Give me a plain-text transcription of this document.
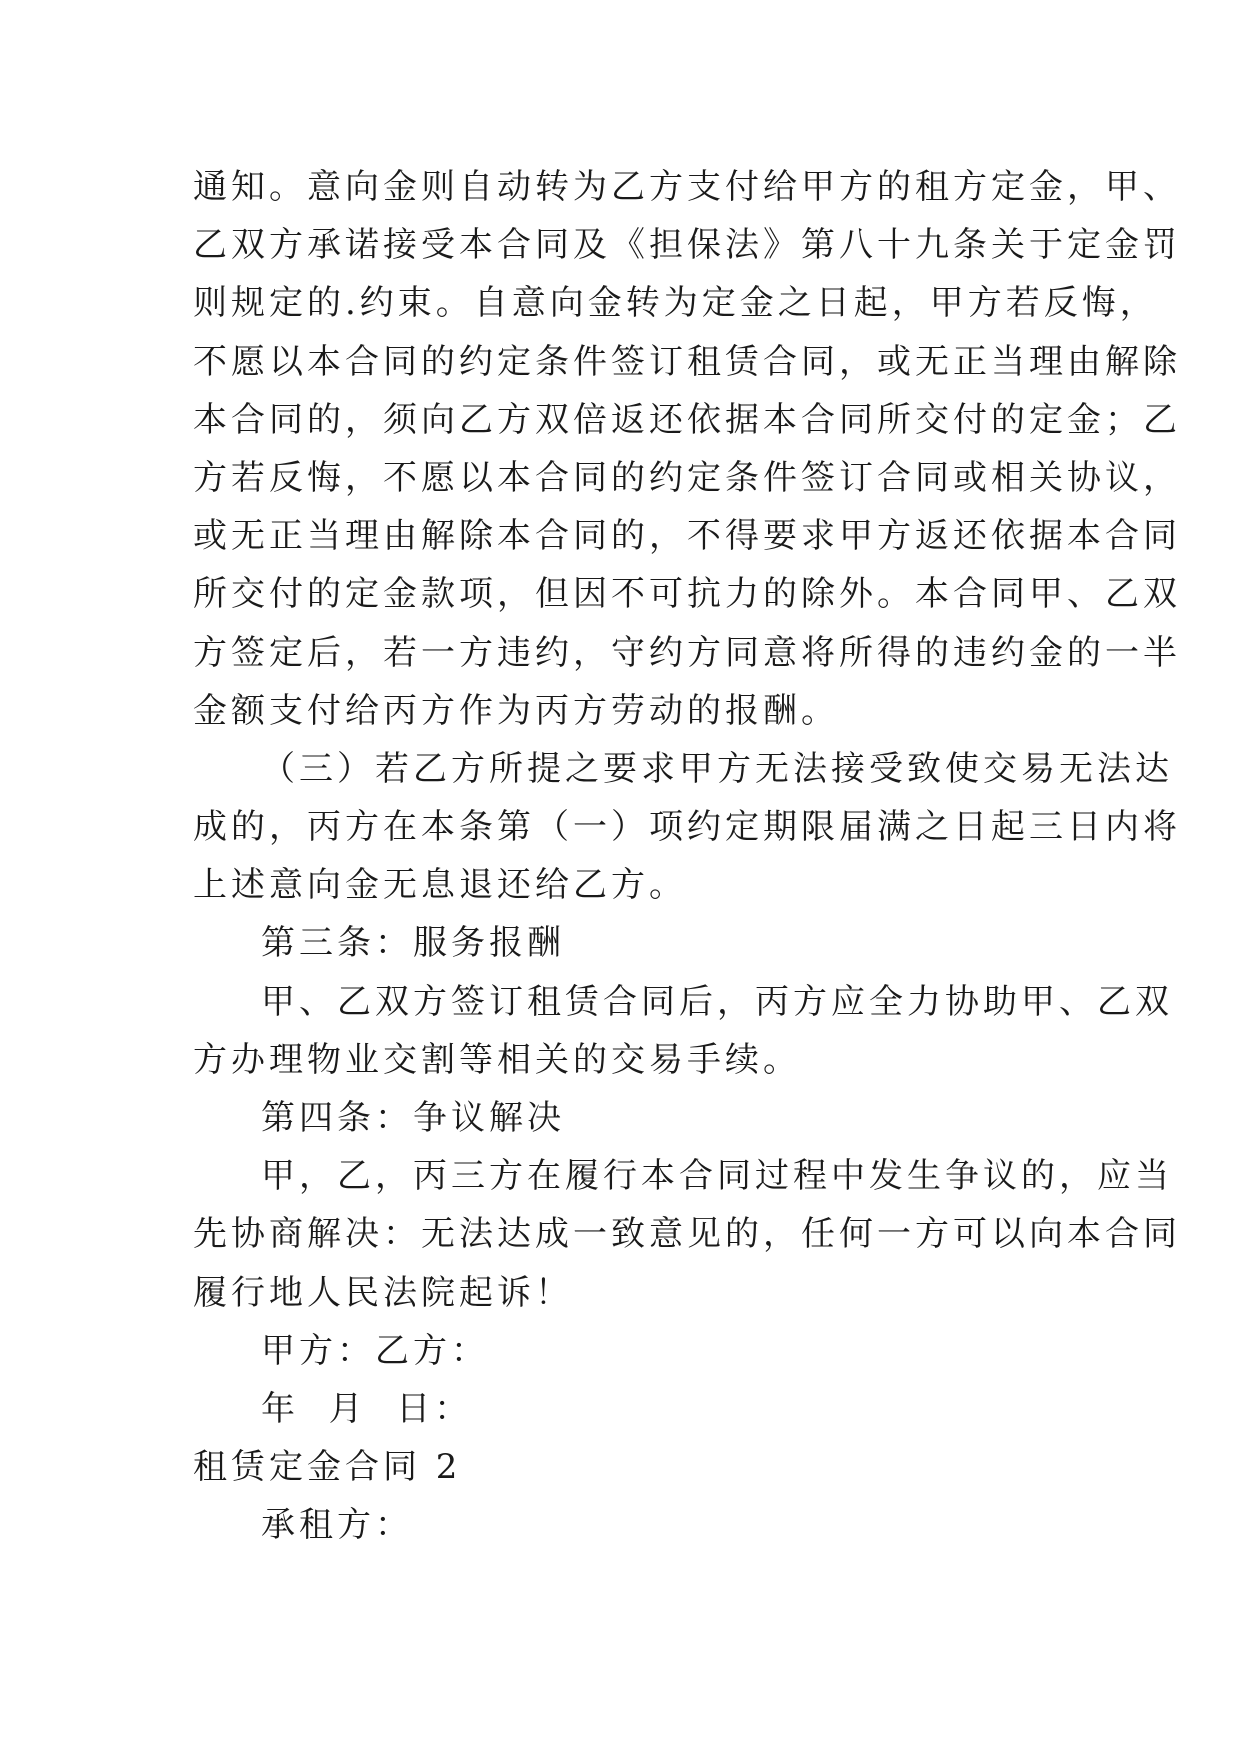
通知。意向金则自动转为乙方支付给甲方的租方定金，甲、
乙双方承诺接受本合同及《担保法》第八十九条关于定金罚
则规定的.约束。自意向金转为定金之日起，甲方若反悔，
不愿以本合同的约定条件签订租赁合同，或无正当理由解除
本合同的，须向乙方双倍返还依据本合同所交付的定金；乙
方若反悔，不愿以本合同的约定条件签订合同或相关协议，
或无正当理由解除本合同的，不得要求甲方返还依据本合同
所交付的定金款项，但因不可抗力的除外。本合同甲、乙双
方签定后，若一方违约，守约方同意将所得的违约金的一半
金额支付给丙方作为丙方劳动的报酬。
（三）若乙方所提之要求甲方无法接受致使交易无法达
成的，丙方在本条第（一）项约定期限届满之日起三日内将
上述意向金无息退还给乙方。
第三条：服务报酬
甲、乙双方签订租赁合同后，丙方应全力协助甲、乙双
方办理物业交割等相关的交易手续。
第四条：争议解决
甲，乙，丙三方在履行本合同过程中发生争议的，应当
先协商解决：无法达成一致意见的，任何一方可以向本合同
履行地人民法院起诉！
甲方：乙方：
年  月  日：
租赁定金合同 2
承租方：
